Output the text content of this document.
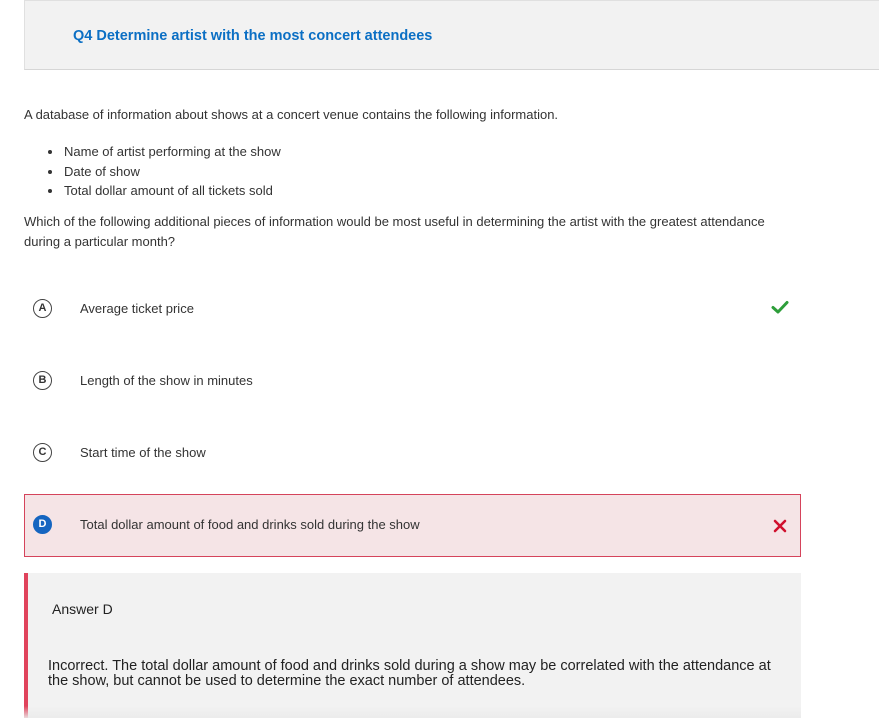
Q4 Determine artist with the most concert attendees
A database of information about shows at a concert venue contains the following information.
Name of artist performing at the show
Date of show
Total dollar amount of all tickets sold
Which of the following additional pieces of information would be most useful in determining the artist with the greatest attendance during a particular month?
A	Average ticket price
B	Length of the show in minutes
C	Start time of the show
D	Total dollar amount of food and drinks sold during the show
Answer D
Incorrect. The total dollar amount of food and drinks sold during a show may be correlated with the attendance at the show, but cannot be used to determine the exact number of attendees.
